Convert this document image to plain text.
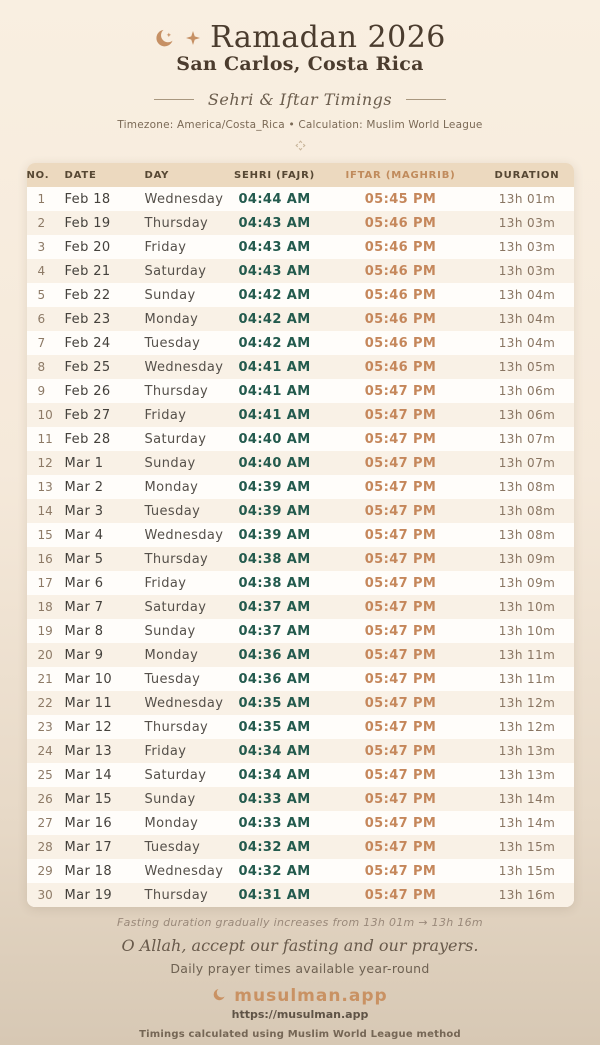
Ramadan 2026
San Carlos, Costa Rica
Sehri & Iftar Timings
Timezone: America/Costa_Rica • Calculation: Muslim World League
NO.	DATE	DAY	SEHRI (FAJR)	IFTAR (MAGHRIB)	DURATION
1	Feb 18	Wednesday	04:44 AM	05:45 PM	13h 01m
2	Feb 19	Thursday	04:43 AM	05:46 PM	13h 03m
3	Feb 20	Friday	04:43 AM	05:46 PM	13h 03m
4	Feb 21	Saturday	04:43 AM	05:46 PM	13h 03m
5	Feb 22	Sunday	04:42 AM	05:46 PM	13h 04m
6	Feb 23	Monday	04:42 AM	05:46 PM	13h 04m
7	Feb 24	Tuesday	04:42 AM	05:46 PM	13h 04m
8	Feb 25	Wednesday	04:41 AM	05:46 PM	13h 05m
9	Feb 26	Thursday	04:41 AM	05:47 PM	13h 06m
10 Feb 27	Friday	04:41 AM	05:47 PM	13h 06m
11 Feb 28	Saturday	04:40 AM	05:47 PM	13h 07m
12 Mar 1	Sunday	04:40 AM	05:47 PM	13h 07m
13 Mar 2	Monday	04:39 AM	05:47 PM	13h 08m
14 Mar 3	Tuesday	04:39 AM	05:47 PM	13h 08m
15 Mar 4	Wednesday	04:39 AM	05:47 PM	13h 08m
16 Mar 5	Thursday	04:38 AM	05:47 PM	13h 09m
17 Mar 6	Friday	04:38 AM	05:47 PM	13h 09m
18 Mar 7	Saturday	04:37 AM	05:47 PM	13h 10m
19 Mar 8	Sunday	04:37 AM	05:47 PM	13h 10m
20 Mar 9	Monday	04:36 AM	05:47 PM	13h 11m
21 Mar 10	Tuesday	04:36 AM	05:47 PM	13h 11m
22 Mar 11	Wednesday	04:35 AM	05:47 PM	13h 12m
23 Mar 12	Thursday	04:35 AM	05:47 PM	13h 12m
24 Mar 13	Friday	04:34 AM	05:47 PM	13h 13m
25 Mar 14	Saturday	04:34 AM	05:47 PM	13h 13m
26 Mar 15	Sunday	04:33 AM	05:47 PM	13h 14m
27 Mar 16	Monday	04:33 AM	05:47 PM	13h 14m
28 Mar 17	Tuesday	04:32 AM	05:47 PM	13h 15m
29 Mar 18	Wednesday	04:32 AM	05:47 PM	13h 15m
30 Mar 19	Thursday	04:31 AM	05:47 PM	13h 16m
Fasting duration gradually increases from 13h 01m → 13h 16m
O Allah, accept our fasting and our prayers.
Daily prayer times available year-round
musulman.app
https://musulman.app
Timings calculated using Muslim World League method
